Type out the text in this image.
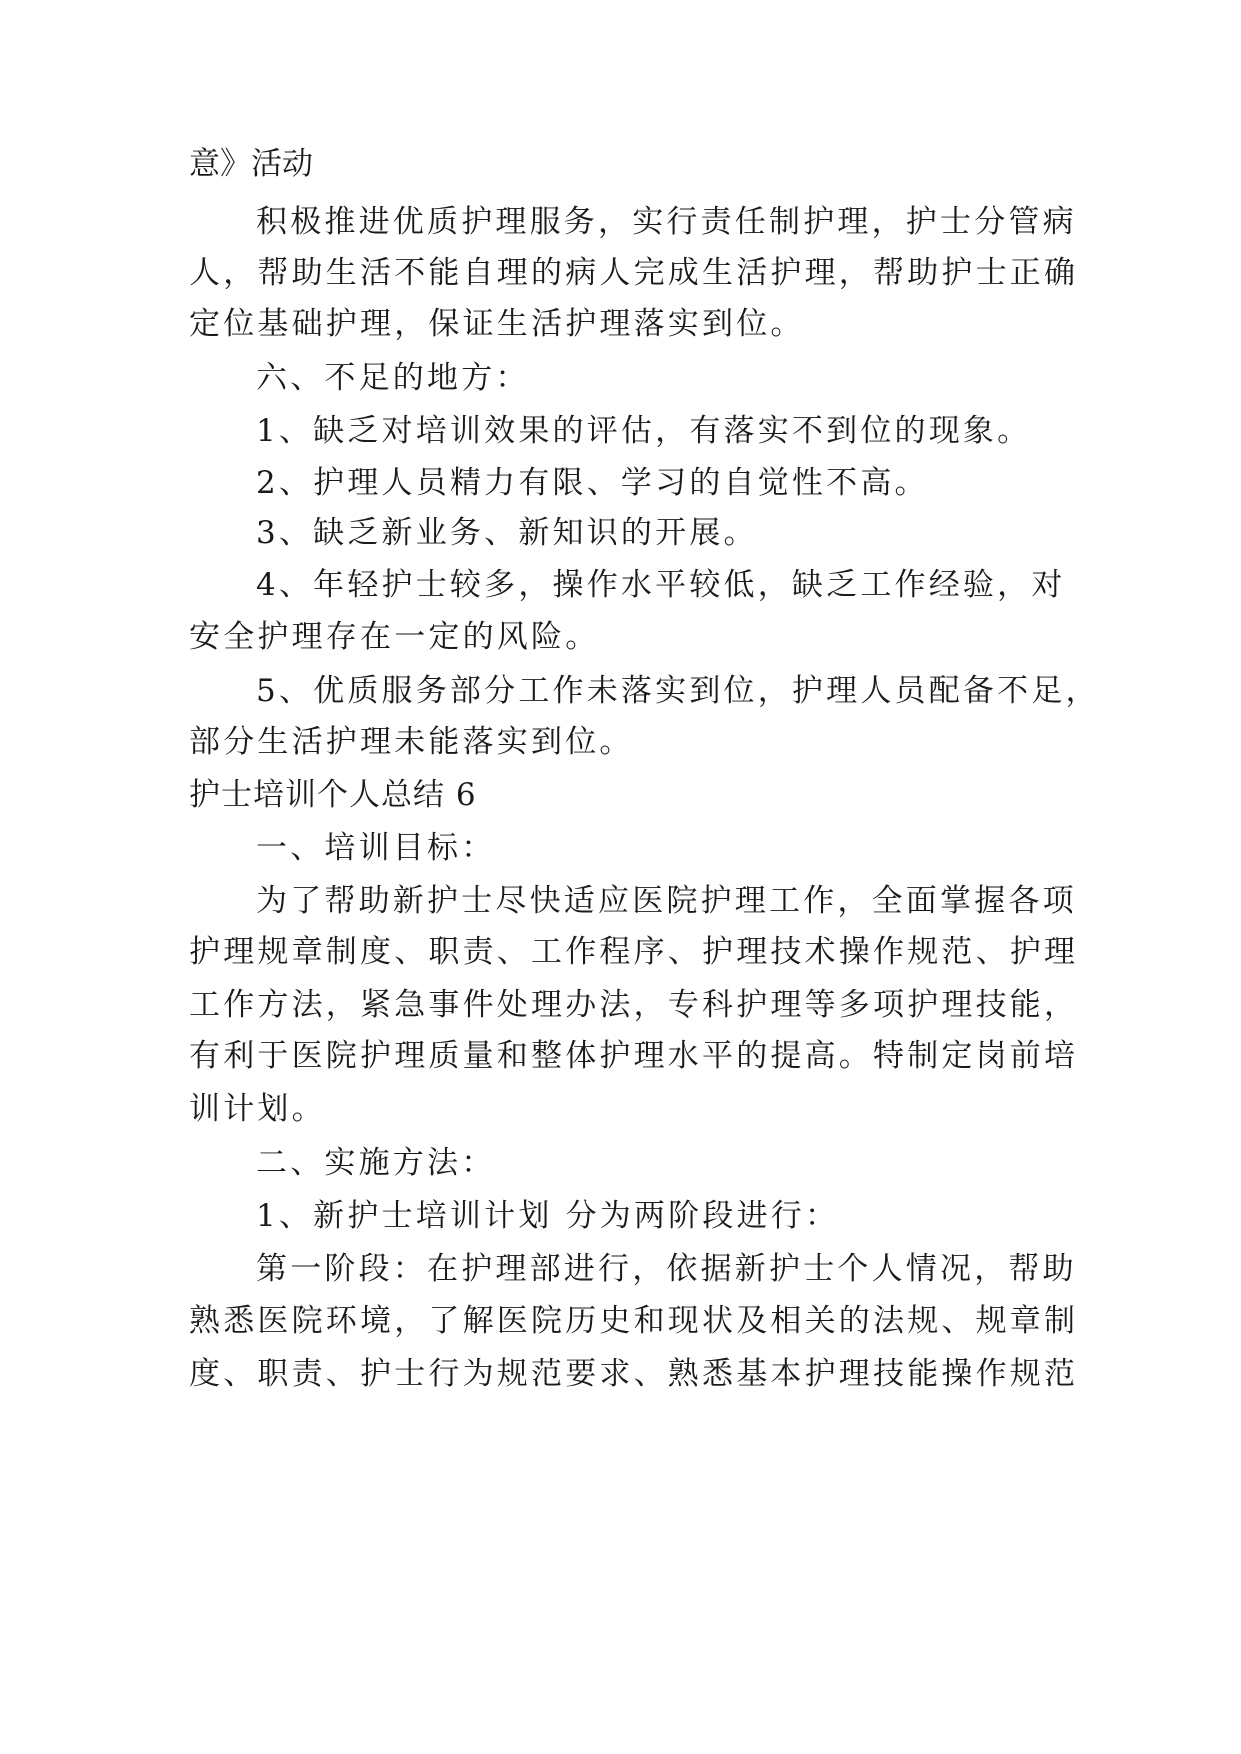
意》活动
积极推进优质护理服务，实行责任制护理，护士分管病
人，帮助生活不能自理的病人完成生活护理，帮助护士正确
定位基础护理，保证生活护理落实到位。
六、不足的地方：
1、缺乏对培训效果的评估，有落实不到位的现象。
2、护理人员精力有限、学习的自觉性不高。
3、缺乏新业务、新知识的开展。
4、年轻护士较多，操作水平较低，缺乏工作经验，对
安全护理存在一定的风险。
5、优质服务部分工作未落实到位，护理人员配备不足，
部分生活护理未能落实到位。
护士培训个人总结 6
一、培训目标：
为了帮助新护士尽快适应医院护理工作，全面掌握各项
护理规章制度、职责、工作程序、护理技术操作规范、护理
工作方法，紧急事件处理办法，专科护理等多项护理技能，
有利于医院护理质量和整体护理水平的提高。特制定岗前培
训计划。
二、实施方法：
1、新护士培训计划 分为两阶段进行：
第一阶段：在护理部进行，依据新护士个人情况，帮助
熟悉医院环境，了解医院历史和现状及相关的法规、规章制
度、职责、护士行为规范要求、熟悉基本护理技能操作规范
